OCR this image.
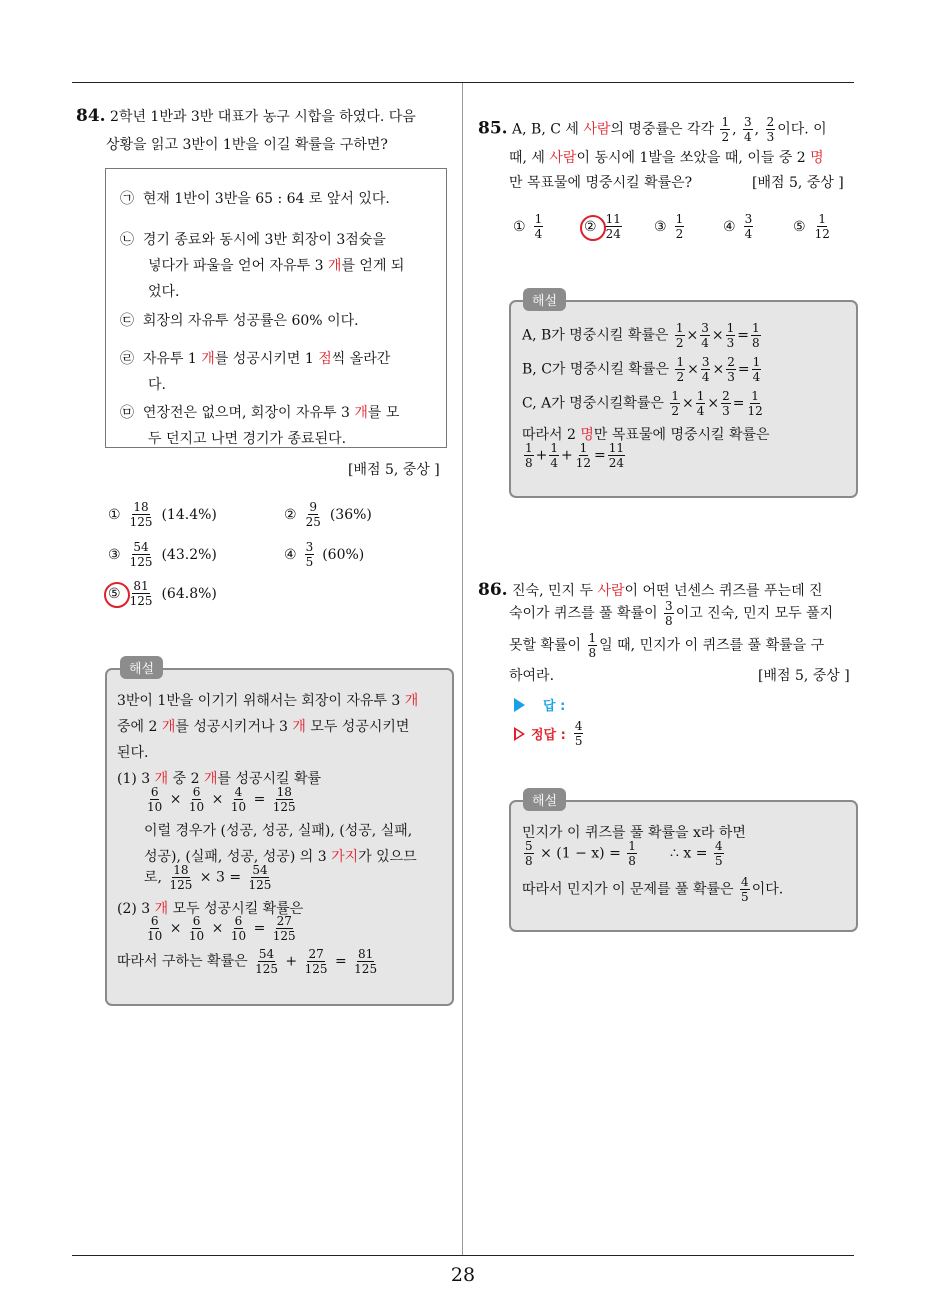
28
84. 2학년 1반과 3반 대표가 농구 시합을 하였다. 다음
상황을 읽고 3반이 1반을 이길 확률을 구하면?
㉠ 현재 1반이 3반을 65 : 64 로 앞서 있다.
㉡ 경기 종료와 동시에 3반 회장이 3점슛을
넣다가 파울을 얻어 자유투 3 개를 얻게 되
었다.
㉢ 회장의 자유투 성공률은 60% 이다.
㉣ 자유투 1 개를 성공시키면 1 점씩 올라간
다.
㉤ 연장전은 없으며, 회장이 자유투 3 개를 모
두 던지고 나면 경기가 종료된다.
[배점 5, 중상 ]
① $\frac{18}{125} (14.4\%)$	② $\frac{9}{25} (36\%)$
③ $\frac{54}{125} (43.2\%)$	④ $\frac{3}{5} (60\%)$
⑤ $\frac{81}{125} (64.8\%)$
해설
3반이 1반을 이기기 위해서는 회장이 자유투 3 개
중에 2 개를 성공시키거나 3 개 모두 성공시키면
된다.
(1) 3 개 중 2 개를 성공시킬 확률
$\frac{6}{10} \times \frac{6}{10} \times \frac{4}{10} = \frac{18}{125}$
이럴 경우가 (성공, 성공, 실패), (성공, 실패,
성공), (실패, 성공, 성공) 의 3 가지가 있으므
로, $\frac{18}{125} \times 3 = \frac{54}{125}$
(2) 3 개 모두 성공시킬 확률은
$\frac{6}{10} \times \frac{6}{10} \times \frac{6}{10} = \frac{27}{125}$
따라서 구하는 확률은 $\frac{54}{125} + \frac{27}{125} = \frac{81}{125}$
85. A, B, C 세 사람의 명중률은 각각 $\frac{1}{2}$ , $\frac{3}{4}$ , $\frac{2}{3}$ 이다. 이
때, 세 사람이 동시에 1발을 쏘았을 때, 이들 중 2 명
만 목표물에 명중시킬 확률은?	[배점 5, 중상 ]
① $\frac{1}{4}$	② $\frac{11}{24}$ ③ $\frac{1}{2}$	④ $\frac{3}{4}$	⑤ $\frac{1}{12}$
해설
A, B가 명중시킬 확률은 $\frac{1}{2} \times \frac{3}{4} \times \frac{1}{3} = \frac{1}{8}$
B, C가 명중시킬 확률은 $\frac{1}{2} \times \frac{3}{4} \times \frac{2}{3} = \frac{1}{4}$
C, A가 명중시킬확률은 $\frac{1}{2} \times \frac{1}{4} \times \frac{2}{3} = \frac{1}{12}$
따라서 2 명만 목표물에 명중시킬 확률은
$\frac{1}{8} + \frac{1}{4} + \frac{1}{12} = \frac{11}{24}$
86. 진숙, 민지 두 사람이 어떤 넌센스 퀴즈를 푸는데 진
숙이가 퀴즈를 풀 확률이 $\frac{3}{8}$ 이고 진숙, 민지 모두 풀지
못할 확률이 $\frac{1}{8}$ 일 때, 민지가 이 퀴즈를 풀 확률을 구
하여라.	[배점 5, 중상 ]
답 :
정답 : $\frac{4}{5}$
해설
민지가 이 퀴즈를 풀 확률을 x라 하면
$\frac{5}{8} \times (1 - x) = \frac{1}{8}$ ∴ $x = \frac{4}{5}$
따라서 민지가 이 문제를 풀 확률은 $\frac{4}{5}$ 이다.
